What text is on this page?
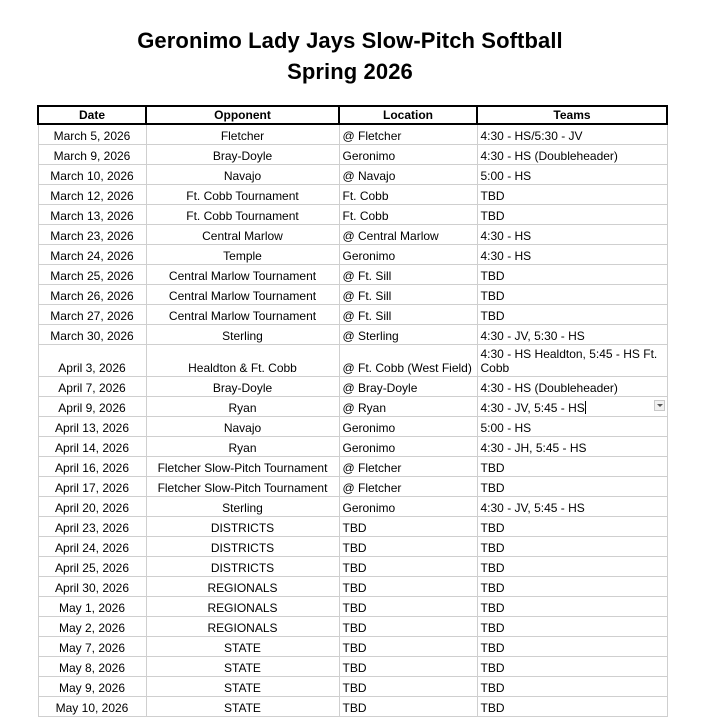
Geronimo Lady Jays Slow-Pitch Softball
Spring 2026
Date	Opponent	Location	Teams
March 5, 2026	Fletcher	@ Fletcher	4:30 - HS/5:30 - JV
March 9, 2026	Bray-Doyle	Geronimo	4:30 - HS (Doubleheader)
March 10, 2026	Navajo	@ Navajo	5:00 - HS
March 12, 2026	Ft. Cobb Tournament	Ft. Cobb	TBD
March 13, 2026	Ft. Cobb Tournament	Ft. Cobb	TBD
March 23, 2026	Central Marlow	@ Central Marlow	4:30 - HS
March 24, 2026	Temple	Geronimo	4:30 - HS
March 25, 2026	Central Marlow Tournament	@ Ft. Sill	TBD
March 26, 2026	Central Marlow Tournament	@ Ft. Sill	TBD
March 27, 2026	Central Marlow Tournament	@ Ft. Sill	TBD
March 30, 2026	Sterling	@ Sterling	4:30 - JV, 5:30 - HS
April 3, 2026	Healdton & Ft. Cobb	@ Ft. Cobb (West Field)	4:30 - HS Healdton, 5:45 - HS Ft. Cobb
April 7, 2026	Bray-Doyle	@ Bray-Doyle	4:30 - HS (Doubleheader)
April 9, 2026	Ryan	@ Ryan	4:30 - JV, 5:45 - HS

April 13, 2026	Navajo	Geronimo	5:00 - HS
April 14, 2026	Ryan	Geronimo	4:30 - JH, 5:45 - HS
April 16, 2026	Fletcher Slow-Pitch Tournament	@ Fletcher	TBD
April 17, 2026	Fletcher Slow-Pitch Tournament	@ Fletcher	TBD
April 20, 2026	Sterling	Geronimo	4:30 - JV, 5:45 - HS
April 23, 2026	DISTRICTS	TBD	TBD
April 24, 2026	DISTRICTS	TBD	TBD
April 25, 2026	DISTRICTS	TBD	TBD
April 30, 2026	REGIONALS	TBD	TBD
May 1, 2026	REGIONALS	TBD	TBD
May 2, 2026	REGIONALS	TBD	TBD
May 7, 2026	STATE	TBD	TBD
May 8, 2026	STATE	TBD	TBD
May 9, 2026	STATE	TBD	TBD
May 10, 2026	STATE	TBD	TBD
